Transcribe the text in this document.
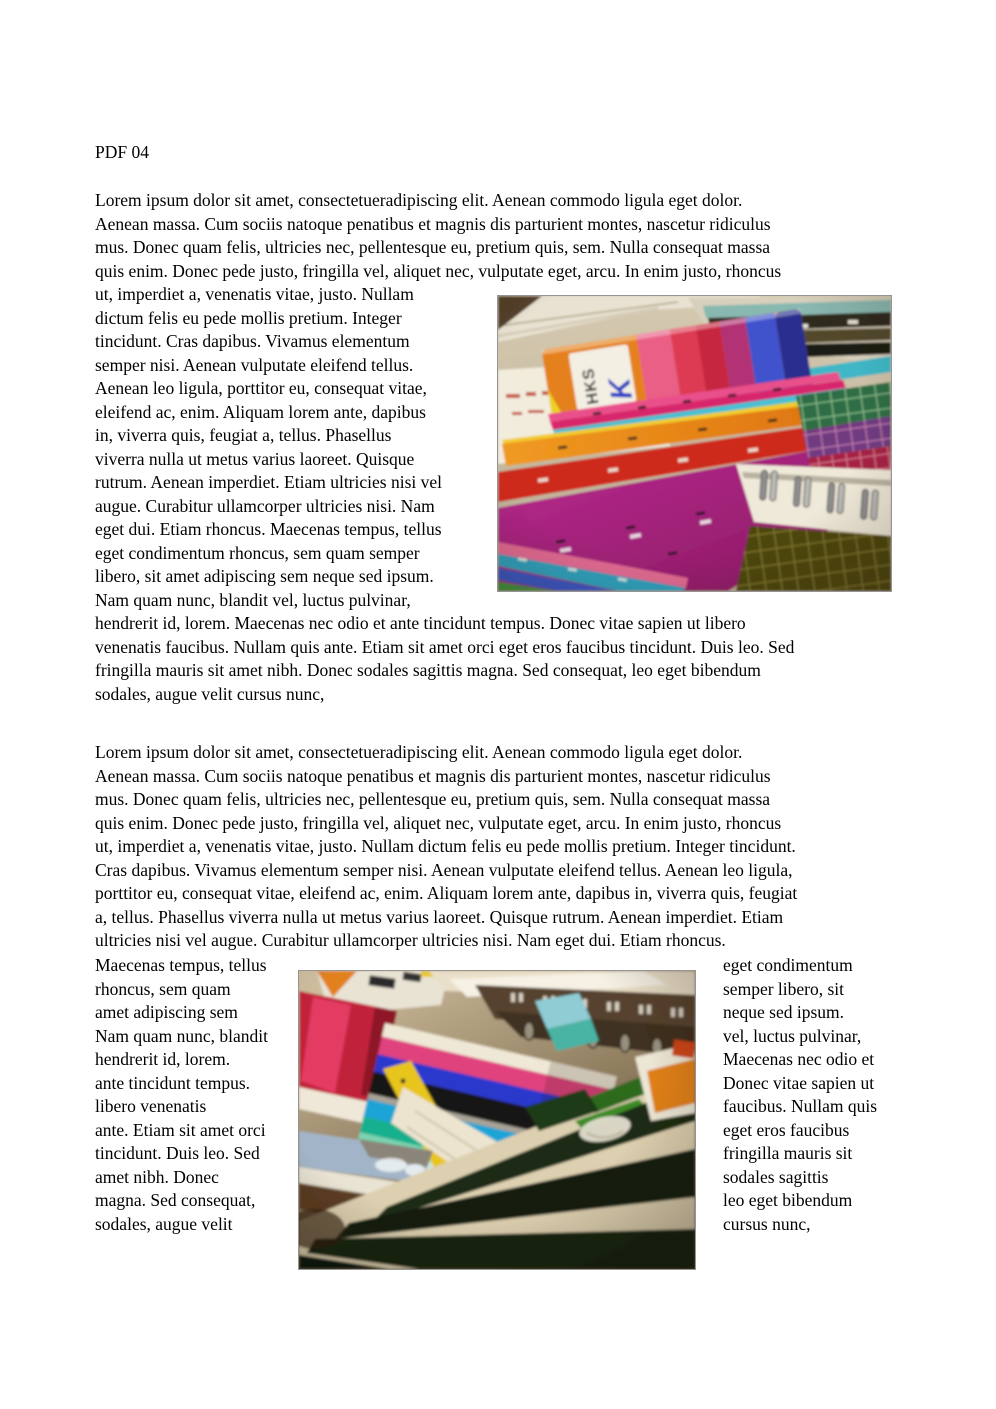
PDF 04
Lorem ipsum dolor sit amet, consectetueradipiscing elit. Aenean commodo ligula eget dolor.
Aenean massa. Cum sociis natoque penatibus et magnis dis parturient montes, nascetur ridiculus
mus. Donec quam felis, ultricies nec, pellentesque eu, pretium quis, sem. Nulla consequat massa
quis enim. Donec pede justo, fringilla vel, aliquet nec, vulputate eget, arcu. In enim justo, rhoncus
ut, imperdiet a, venenatis vitae, justo. Nullam
dictum felis eu pede mollis pretium. Integer
tincidunt. Cras dapibus. Vivamus elementum
semper nisi. Aenean vulputate eleifend tellus.
Aenean leo ligula, porttitor eu, consequat vitae,
eleifend ac, enim. Aliquam lorem ante, dapibus
in, viverra quis, feugiat a, tellus. Phasellus
viverra nulla ut metus varius laoreet. Quisque
rutrum. Aenean imperdiet. Etiam ultricies nisi vel
augue. Curabitur ullamcorper ultricies nisi. Nam
eget dui. Etiam rhoncus. Maecenas tempus, tellus
eget condimentum rhoncus, sem quam semper
libero, sit amet adipiscing sem neque sed ipsum.
Nam quam nunc, blandit vel, luctus pulvinar,
hendrerit id, lorem. Maecenas nec odio et ante tincidunt tempus. Donec vitae sapien ut libero
venenatis faucibus. Nullam quis ante. Etiam sit amet orci eget eros faucibus tincidunt. Duis leo. Sed
fringilla mauris sit amet nibh. Donec sodales sagittis magna. Sed consequat, leo eget bibendum
sodales, augue velit cursus nunc,
Lorem ipsum dolor sit amet, consectetueradipiscing elit. Aenean commodo ligula eget dolor.
Aenean massa. Cum sociis natoque penatibus et magnis dis parturient montes, nascetur ridiculus
mus. Donec quam felis, ultricies nec, pellentesque eu, pretium quis, sem. Nulla consequat massa
quis enim. Donec pede justo, fringilla vel, aliquet nec, vulputate eget, arcu. In enim justo, rhoncus
ut, imperdiet a, venenatis vitae, justo. Nullam dictum felis eu pede mollis pretium. Integer tincidunt.
Cras dapibus. Vivamus elementum semper nisi. Aenean vulputate eleifend tellus. Aenean leo ligula,
porttitor eu, consequat vitae, eleifend ac, enim. Aliquam lorem ante, dapibus in, viverra quis, feugiat
a, tellus. Phasellus viverra nulla ut metus varius laoreet. Quisque rutrum. Aenean imperdiet. Etiam
ultricies nisi vel augue. Curabitur ullamcorper ultricies nisi. Nam eget dui. Etiam rhoncus.
Maecenas tempus, tellus
rhoncus, sem quam
amet adipiscing sem
Nam quam nunc, blandit
hendrerit id, lorem.
ante tincidunt tempus.
libero venenatis
ante. Etiam sit amet orci
tincidunt. Duis leo. Sed
amet nibh. Donec
magna. Sed consequat,
sodales, augue velit
eget condimentum
semper libero, sit
neque sed ipsum.
vel, luctus pulvinar,
Maecenas nec odio et
Donec vitae sapien ut
faucibus. Nullam quis
eget eros faucibus
fringilla mauris sit
sodales sagittis
leo eget bibendum
cursus nunc,
